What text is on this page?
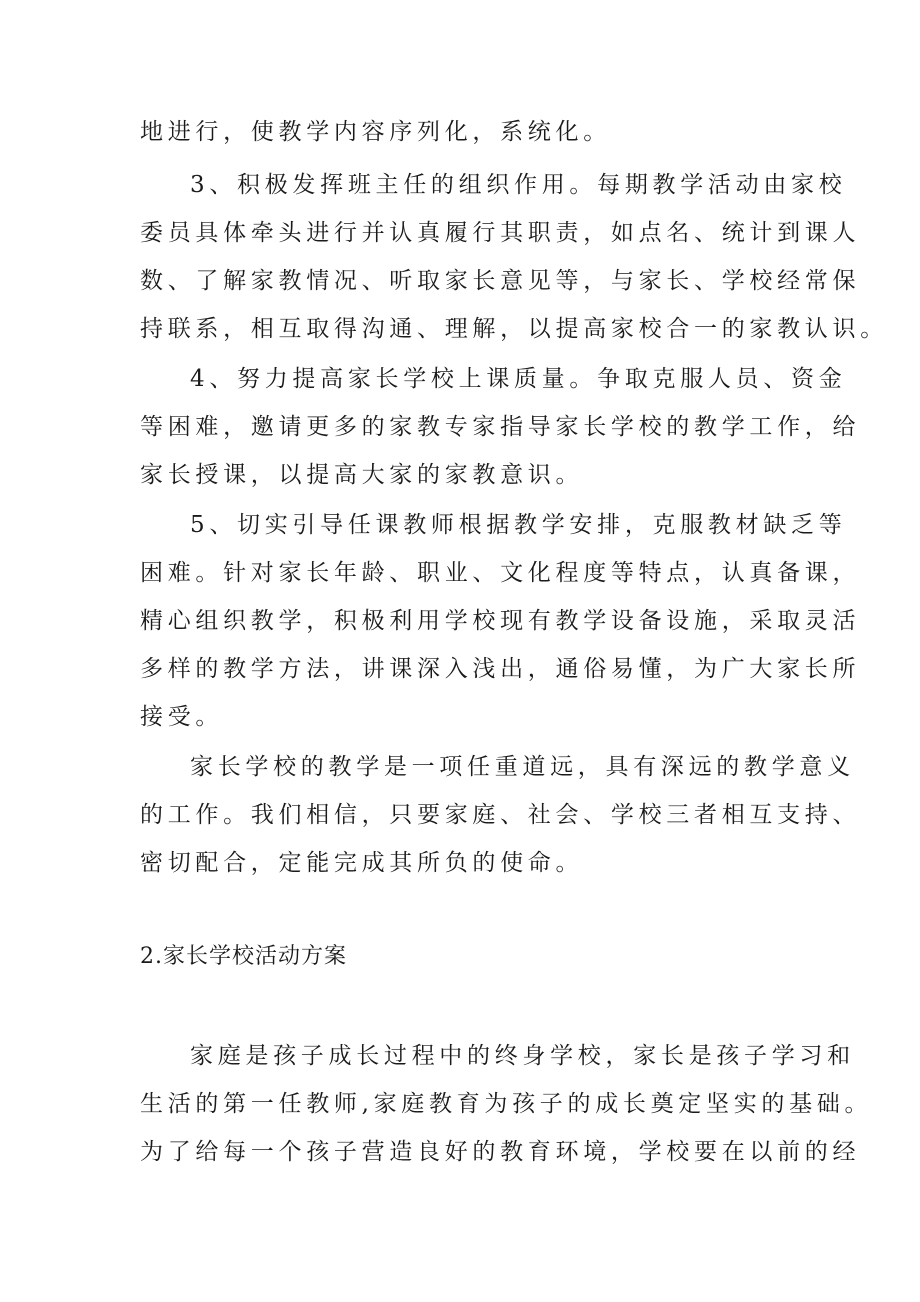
地进行，使教学内容序列化，系统化。
3、积极发挥班主任的组织作用。每期教学活动由家校
委员具体牵头进行并认真履行其职责，如点名、统计到课人
数、了解家教情况、听取家长意见等，与家长、学校经常保
持联系，相互取得沟通、理解，以提高家校合一的家教认识。
4、努力提高家长学校上课质量。争取克服人员、资金
等困难，邀请更多的家教专家指导家长学校的教学工作，给
家长授课，以提高大家的家教意识。
5、切实引导任课教师根据教学安排，克服教材缺乏等
困难。针对家长年龄、职业、文化程度等特点，认真备课，
精心组织教学，积极利用学校现有教学设备设施，采取灵活
多样的教学方法，讲课深入浅出，通俗易懂，为广大家长所
接受。
家长学校的教学是一项任重道远，具有深远的教学意义
的工作。我们相信，只要家庭、社会、学校三者相互支持、
密切配合，定能完成其所负的使命。
2.家长学校活动方案
家庭是孩子成长过程中的终身学校，家长是孩子学习和
生活的第一任教师,家庭教育为孩子的成长奠定坚实的基础。
为了给每一个孩子营造良好的教育环境，学校要在以前的经
